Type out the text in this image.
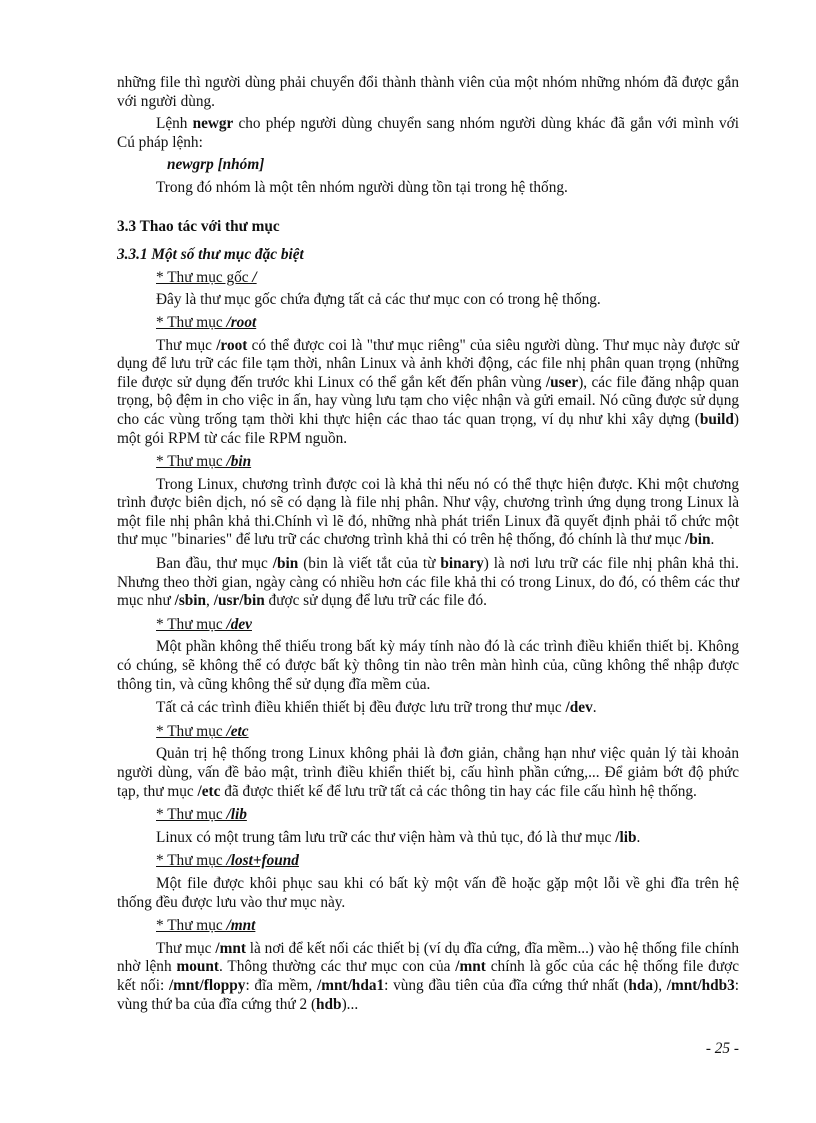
những file thì người dùng phải chuyển đổi thành thành viên của một nhóm những nhóm đã được gắn với người dùng.

Lệnh newgr cho phép người dùng chuyển sang nhóm người dùng khác đã gắn với mình với Cú pháp lệnh:

newgrp [nhóm]

Trong đó nhóm là một tên nhóm người dùng tồn tại trong hệ thống.

3.3 Thao tác với thư mục

3.3.1 Một số thư mục đặc biệt

* Thư mục gốc /

Đây là thư mục gốc chứa đựng tất cả các thư mục con có trong hệ thống.

* Thư mục /root

Thư mục /root có thể được coi là "thư mục riêng" của siêu người dùng. Thư mục này được sử dụng để lưu trữ các file tạm thời, nhân Linux và ảnh khởi động, các file nhị phân quan trọng (những file được sử dụng đến trước khi Linux có thể gắn kết đến phân vùng /user), các file đăng nhập quan trọng, bộ đệm in cho việc in ấn, hay vùng lưu tạm cho việc nhận và gửi email. Nó cũng được sử dụng cho các vùng trống tạm thời khi thực hiện các thao tác quan trọng, ví dụ như khi xây dựng (build) một gói RPM từ các file RPM nguồn.

* Thư mục /bin

Trong Linux, chương trình được coi là khả thi nếu nó có thể thực hiện được. Khi một chương trình được biên dịch, nó sẽ có dạng là file nhị phân. Như vậy, chương trình ứng dụng trong Linux là một file nhị phân khả thi.Chính vì lẽ đó, những nhà phát triển Linux đã quyết định phải tổ chức một thư mục "binaries" để lưu trữ các chương trình khả thi có trên hệ thống, đó chính là thư mục /bin.

Ban đầu, thư mục /bin (bin là viết tắt của từ binary) là nơi lưu trữ các file nhị phân khả thi. Nhưng theo thời gian, ngày càng có nhiều hơn các file khả thi có trong Linux, do đó, có thêm các thư mục như /sbin, /usr/bin được sử dụng để lưu trữ các file đó.

* Thư mục /dev

Một phần không thể thiếu trong bất kỳ máy tính nào đó là các trình điều khiển thiết bị. Không có chúng, sẽ không thể có được bất kỳ thông tin nào trên màn hình của, cũng không thể nhập được thông tin, và cũng không thể sử dụng đĩa mềm của.

Tất cả các trình điều khiển thiết bị đều được lưu trữ trong thư mục /dev.

* Thư mục /etc

Quản trị hệ thống trong Linux không phải là đơn giản, chẳng hạn như việc quản lý tài khoản người dùng, vấn đề bảo mật, trình điều khiển thiết bị, cấu hình phần cứng,... Để giảm bớt độ phức tạp, thư mục /etc đã được thiết kế để lưu trữ tất cả các thông tin hay các file cấu hình hệ thống.

* Thư mục /lib

Linux có một trung tâm lưu trữ các thư viện hàm và thủ tục, đó là thư mục /lib.

* Thư mục /lost+found

Một file được khôi phục sau khi có bất kỳ một vấn đề hoặc gặp một lỗi về ghi đĩa trên hệ thống đều được lưu vào thư mục này.

* Thư mục /mnt

Thư mục /mnt là nơi để kết nối các thiết bị (ví dụ đĩa cứng, đĩa mềm...) vào hệ thống file chính nhờ lệnh mount. Thông thường các thư mục con của /mnt chính là gốc của các hệ thống file được kết nối: /mnt/floppy: đĩa mềm, /mnt/hda1: vùng đầu tiên của đĩa cứng thứ nhất (hda), /mnt/hdb3: vùng thứ ba của đĩa cứng thứ 2 (hdb)...

- 25 -
